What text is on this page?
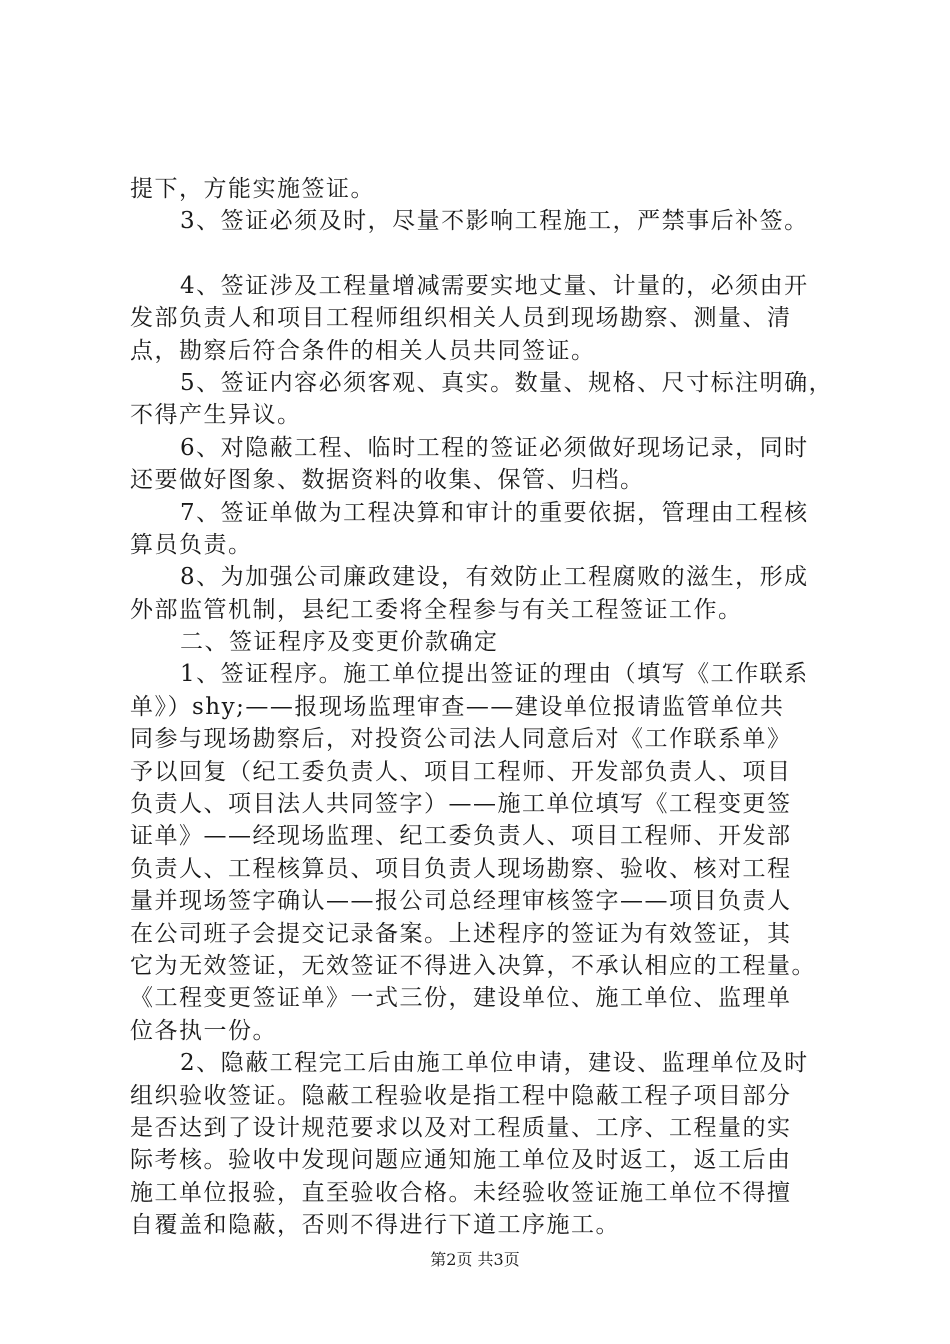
提下，方能实施签证。
3、签证必须及时，尽量不影响工程施工，严禁事后补签。
4、签证涉及工程量增减需要实地丈量、计量的，必须由开
发部负责人和项目工程师组织相关人员到现场勘察、测量、清
点，勘察后符合条件的相关人员共同签证。
5、签证内容必须客观、真实。数量、规格、尺寸标注明确，
不得产生异议。
6、对隐蔽工程、临时工程的签证必须做好现场记录，同时
还要做好图象、数据资料的收集、保管、归档。
7、签证单做为工程决算和审计的重要依据，管理由工程核
算员负责。
8、为加强公司廉政建设，有效防止工程腐败的滋生，形成
外部监管机制，县纪工委将全程参与有关工程签证工作。
二、签证程序及变更价款确定
1、签证程序。施工单位提出签证的理由（填写《工作联系
单》）shy;——报现场监理审查——建设单位报请监管单位共
同参与现场勘察后，对投资公司法人同意后对《工作联系单》
予以回复（纪工委负责人、项目工程师、开发部负责人、项目
负责人、项目法人共同签字）——施工单位填写《工程变更签
证单》——经现场监理、纪工委负责人、项目工程师、开发部
负责人、工程核算员、项目负责人现场勘察、验收、核对工程
量并现场签字确认——报公司总经理审核签字——项目负责人
在公司班子会提交记录备案。上述程序的签证为有效签证，其
它为无效签证，无效签证不得进入决算，不承认相应的工程量。
《工程变更签证单》一式三份，建设单位、施工单位、监理单
位各执一份。
2、隐蔽工程完工后由施工单位申请，建设、监理单位及时
组织验收签证。隐蔽工程验收是指工程中隐蔽工程子项目部分
是否达到了设计规范要求以及对工程质量、工序、工程量的实
际考核。验收中发现问题应通知施工单位及时返工，返工后由
施工单位报验，直至验收合格。未经验收签证施工单位不得擅
自覆盖和隐蔽，否则不得进行下道工序施工。
第2页 共3页
